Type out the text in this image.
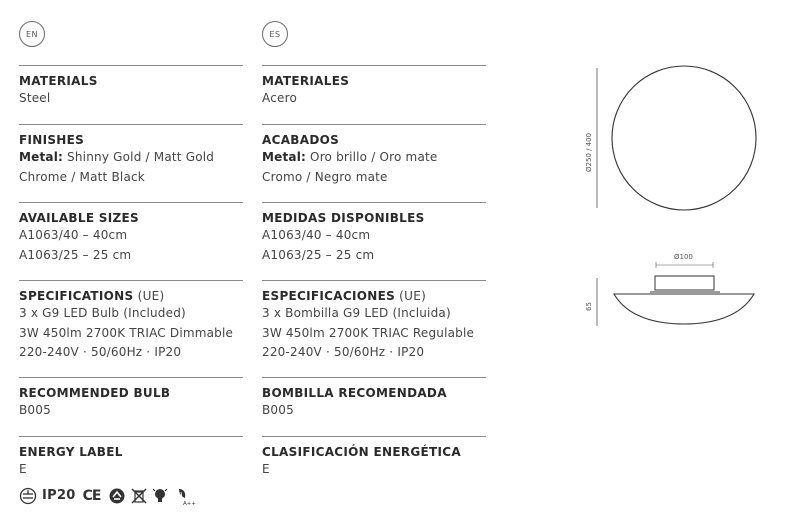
EN	ES
MATERIALS
Steel
FINISHES
Metal: Shinny Gold / Matt Gold
Chrome / Matt Black
AVAILABLE SIZES
A1063/40 – 40cm
A1063/25 – 25 cm
SPECIFICATIONS (UE)
3 x G9 LED Bulb (Included)
3W 450lm 2700K TRIAC Dimmable
220-240V · 50/60Hz · IP20
RECOMMENDED BULB
B005
ENERGY LABEL
E
IP20 CE	A++
MATERIALES
Acero
ACABADOS
Metal: Oro brillo / Oro mate
Cromo / Negro mate
MEDIDAS DISPONIBLES
A1063/40 – 40cm
A1063/25 – 25 cm
ESPECIFICACIONES (UE)
3 x Bombilla G9 LED (Incluida)
3W 450lm 2700K TRIAC Regulable
220-240V · 50/60Hz · IP20
BOMBILLA RECOMENDADA
B005
CLASIFICACIÓN ENERGÉTICA
E
Ø250 / 400
Ø100
65
